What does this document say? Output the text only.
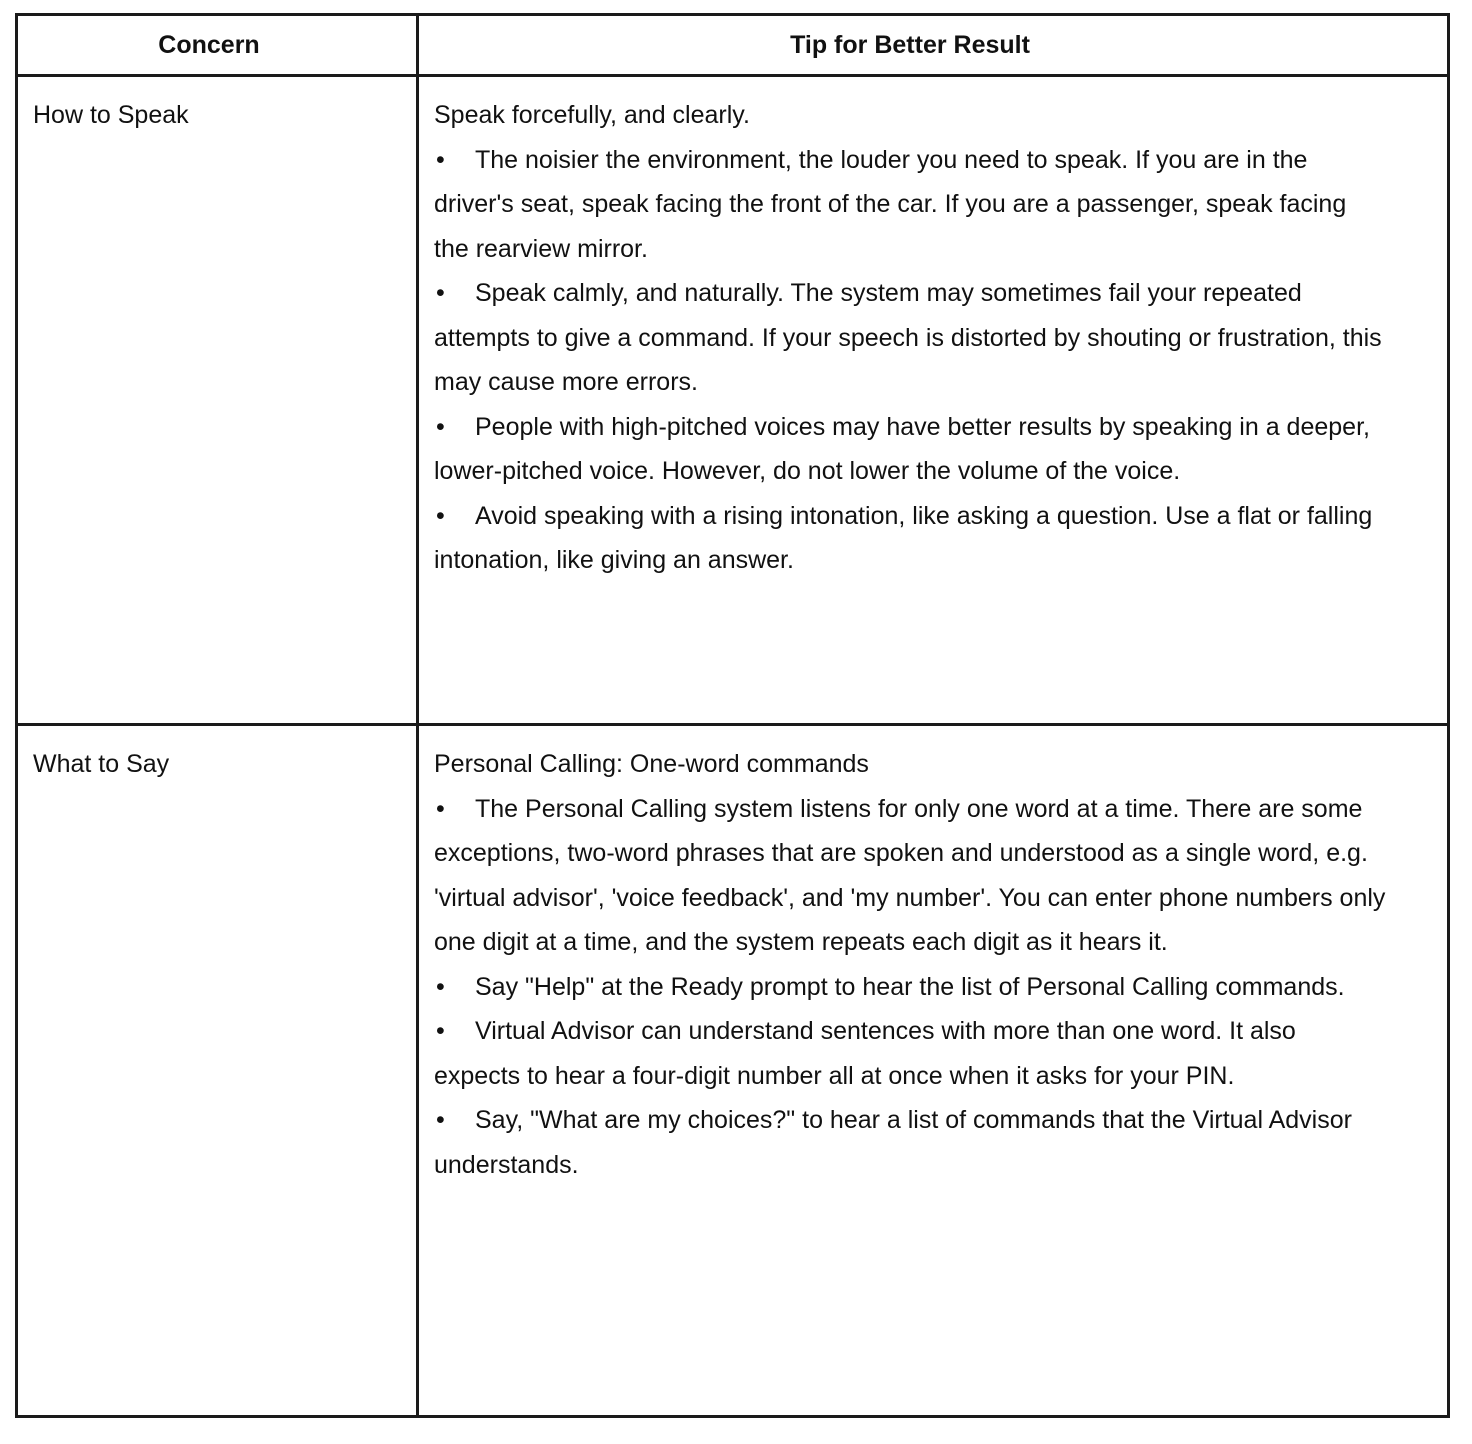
Concern	Tip for Better Result
How to Speak	Speak forcefully, and clearly.
• The noisier the environment, the louder you need to speak. If you are in the driver's seat, speak facing the front of the car. If you are a passenger, speak facing the rearview mirror.
• Speak calmly, and naturally. The system may sometimes fail your repeated attempts to give a command. If your speech is distorted by shouting or frustration, this may cause more errors.
• People with high-pitched voices may have better results by speaking in a deeper, lower-pitched voice. However, do not lower the volume of the voice.
• Avoid speaking with a rising intonation, like asking a question. Use a flat or falling intonation, like giving an answer.
What to Say	Personal Calling: One-word commands
• The Personal Calling system listens for only one word at a time. There are some exceptions, two-word phrases that are spoken and understood as a single word, e.g. 'virtual advisor', 'voice feedback', and 'my number'. You can enter phone numbers only one digit at a time, and the system repeats each digit as it hears it.
• Say "Help" at the Ready prompt to hear the list of Personal Calling commands.
• Virtual Advisor can understand sentences with more than one word. It also expects to hear a four-digit number all at once when it asks for your PIN.
• Say, "What are my choices?" to hear a list of commands that the Virtual Advisor understands.
